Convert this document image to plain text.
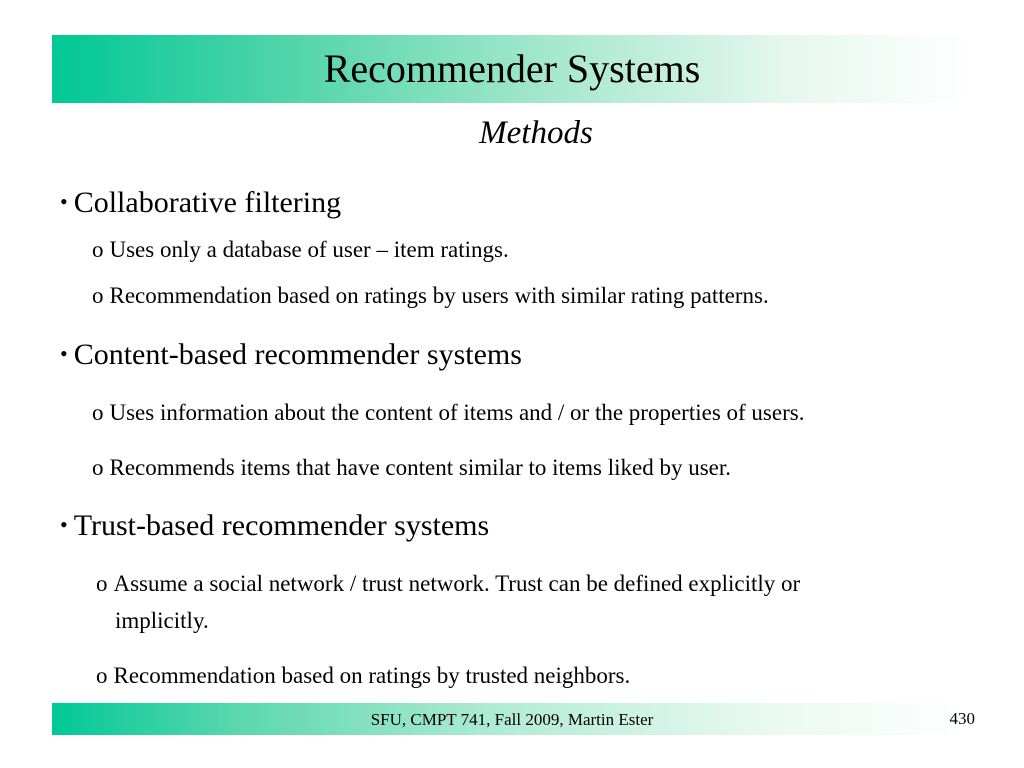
Recommender Systems
Methods
• Collaborative filtering
o Uses only a database of user – item ratings.
o Recommendation based on ratings by users with similar rating patterns.
• Content-based recommender systems
o Uses information about the content of items and / or the properties of users.
o Recommends items that have content similar to items liked by user.
• Trust-based recommender systems
o Assume a social network / trust network. Trust can be defined explicitly or
implicitly.
o Recommendation based on ratings by trusted neighbors.
SFU, CMPT 741, Fall 2009, Martin Ester	430
